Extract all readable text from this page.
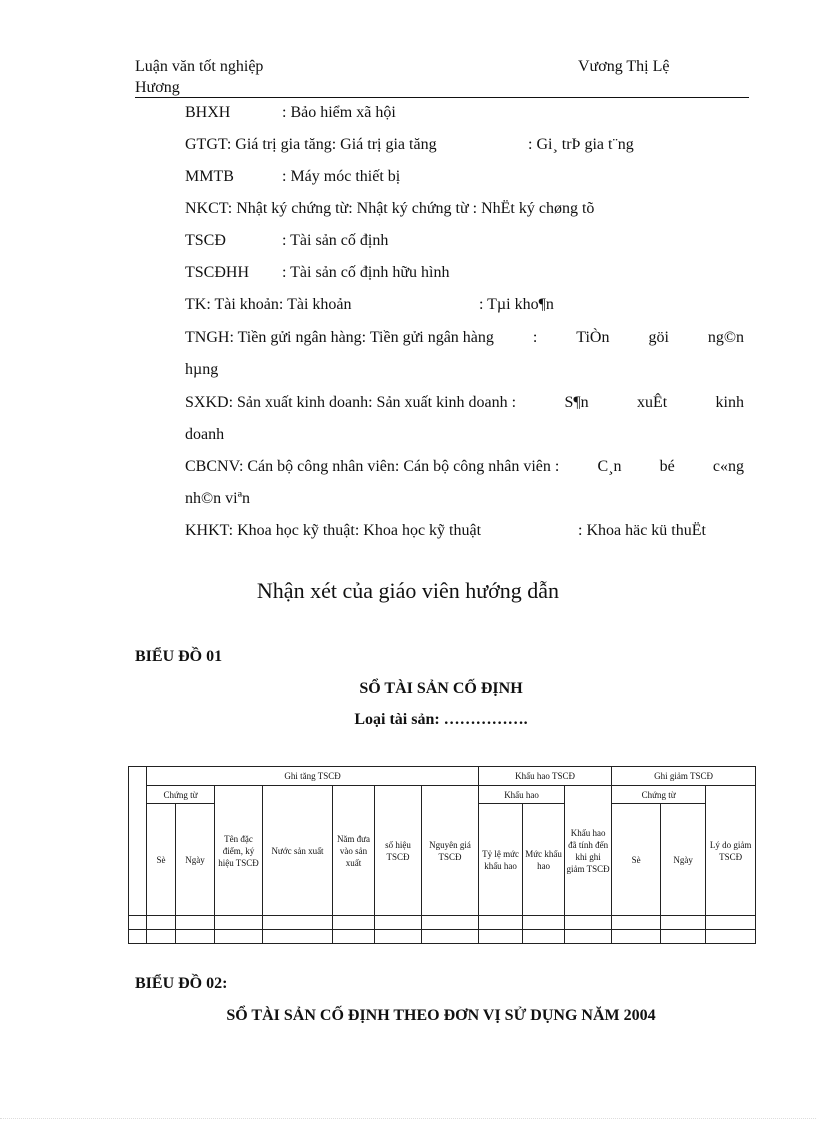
Luận văn tốt nghiệp
Hương
Vương Thị Lệ
BHXH	: Bảo hiểm xã hội
GTGT: Giá trị gia tăng: Giá trị gia tăng	: Gi¸ trÞ gia t¨ng
MMTB	: Máy móc thiết bị
NKCT: Nhật ký chứng từ: Nhật ký chứng từ : NhËt ký chøng tõ
TSCĐ	: Tài sản cố định
TSCĐHH : Tài sản cố định hữu hình
TK: Tài khoản: Tài khoản	: Tµi kho¶n
TNGH: Tiền gửi ngân hàng: Tiền gửi ngân hàng : TiÒn göi ng©n
hµng
SXKD: Sản xuất kinh doanh: Sản xuất kinh doanh :	S¶n	xuÊt	kinh
doanh
CBCNV: Cán bộ công nhân viên: Cán bộ công nhân viên : C¸n bé c«ng
nh©n viªn
KHKT: Khoa học kỹ thuật: Khoa học kỹ thuật	: Khoa häc kü thuËt
Nhận xét của giáo viên hướng dẫn
BIỂU ĐỒ 01
SỔ TÀI SẢN CỐ ĐỊNH
Loại tài sản: …………….
	Ghi tăng TSCĐ							Khấu hao TSCĐ			Ghi giảm TSCĐ		
	Chứng từ		Tên đặc điểm, ký hiệu TSCĐ	Nước sản xuất	Năm đưa vào sản xuất	số hiệu TSCĐ	Nguyên giá TSCĐ	Khấu hao		Khấu hao đã tính đến khi ghi giảm TSCĐ	Chứng từ		Lý do giảm TSCĐ
	Sè	Ngày						Tỷ lệ mức khấu hao	Mức khấu hao		Sè	Ngày	

BIỂU ĐỒ 02:
SỔ TÀI SẢN CỐ ĐỊNH THEO ĐƠN VỊ SỬ DỤNG NĂM 2004
